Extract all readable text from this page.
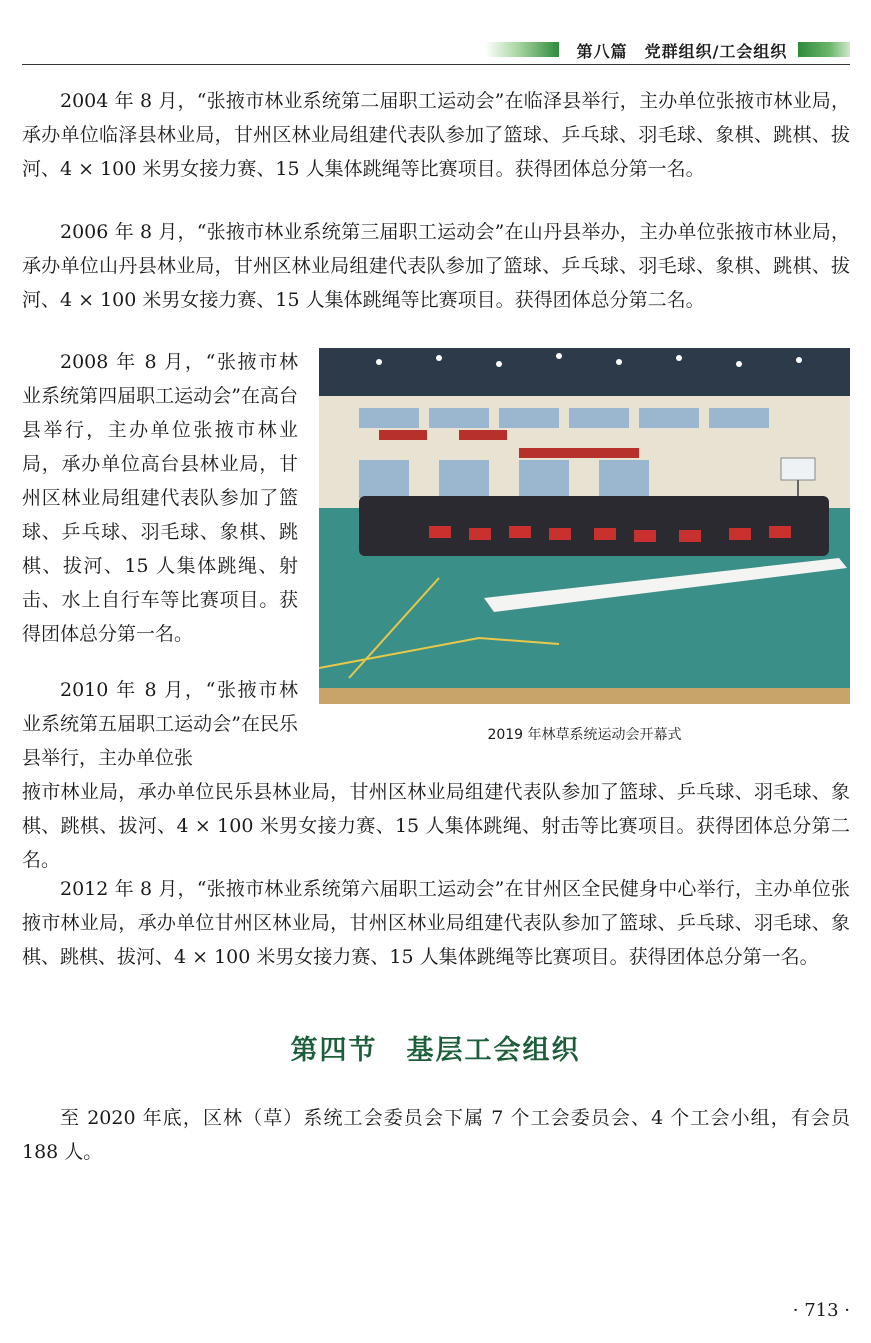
第八篇　党群组织/工会组织

2004 年 8 月，“张掖市林业系统第二届职工运动会”在临泽县举行，主办单位张掖市林业局，承办单位临泽县林业局，甘州区林业局组建代表队参加了篮球、乒乓球、羽毛球、象棋、跳棋、拔河、4 × 100 米男女接力赛、15 人集体跳绳等比赛项目。获得团体总分第一名。

2006 年 8 月，“张掖市林业系统第三届职工运动会”在山丹县举办，主办单位张掖市林业局，承办单位山丹县林业局，甘州区林业局组建代表队参加了篮球、乒乓球、羽毛球、象棋、跳棋、拔河、4 × 100 米男女接力赛、15 人集体跳绳等比赛项目。获得团体总分第二名。

2008 年 8 月，“张掖市林业系统第四届职工运动会”在高台县举行，主办单位张掖市林业局，承办单位高台县林业局，甘州区林业局组建代表队参加了篮球、乒乓球、羽毛球、象棋、跳棋、拔河、15 人集体跳绳、射击、水上自行车等比赛项目。获得团体总分第一名。

2010 年 8 月，“张掖市林业系统第五届职工运动会”在民乐县举行，主办单位张

掖市林业局，承办单位民乐县林业局，甘州区林业局组建代表队参加了篮球、乒乓球、羽毛球、象棋、跳棋、拔河、4 × 100 米男女接力赛、15 人集体跳绳、射击等比赛项目。获得团体总分第二名。

2012 年 8 月，“张掖市林业系统第六届职工运动会”在甘州区全民健身中心举行，主办单位张掖市林业局，承办单位甘州区林业局，甘州区林业局组建代表队参加了篮球、乒乓球、羽毛球、象棋、跳棋、拔河、4 × 100 米男女接力赛、15 人集体跳绳等比赛项目。获得团体总分第一名。

至 2020 年底，区林（草）系统工会委员会下属 7 个工会委员会、4 个工会小组，有会员 188 人。

2019 年林草系统运动会开幕式
第四节　基层工会组织
· 713 ·
